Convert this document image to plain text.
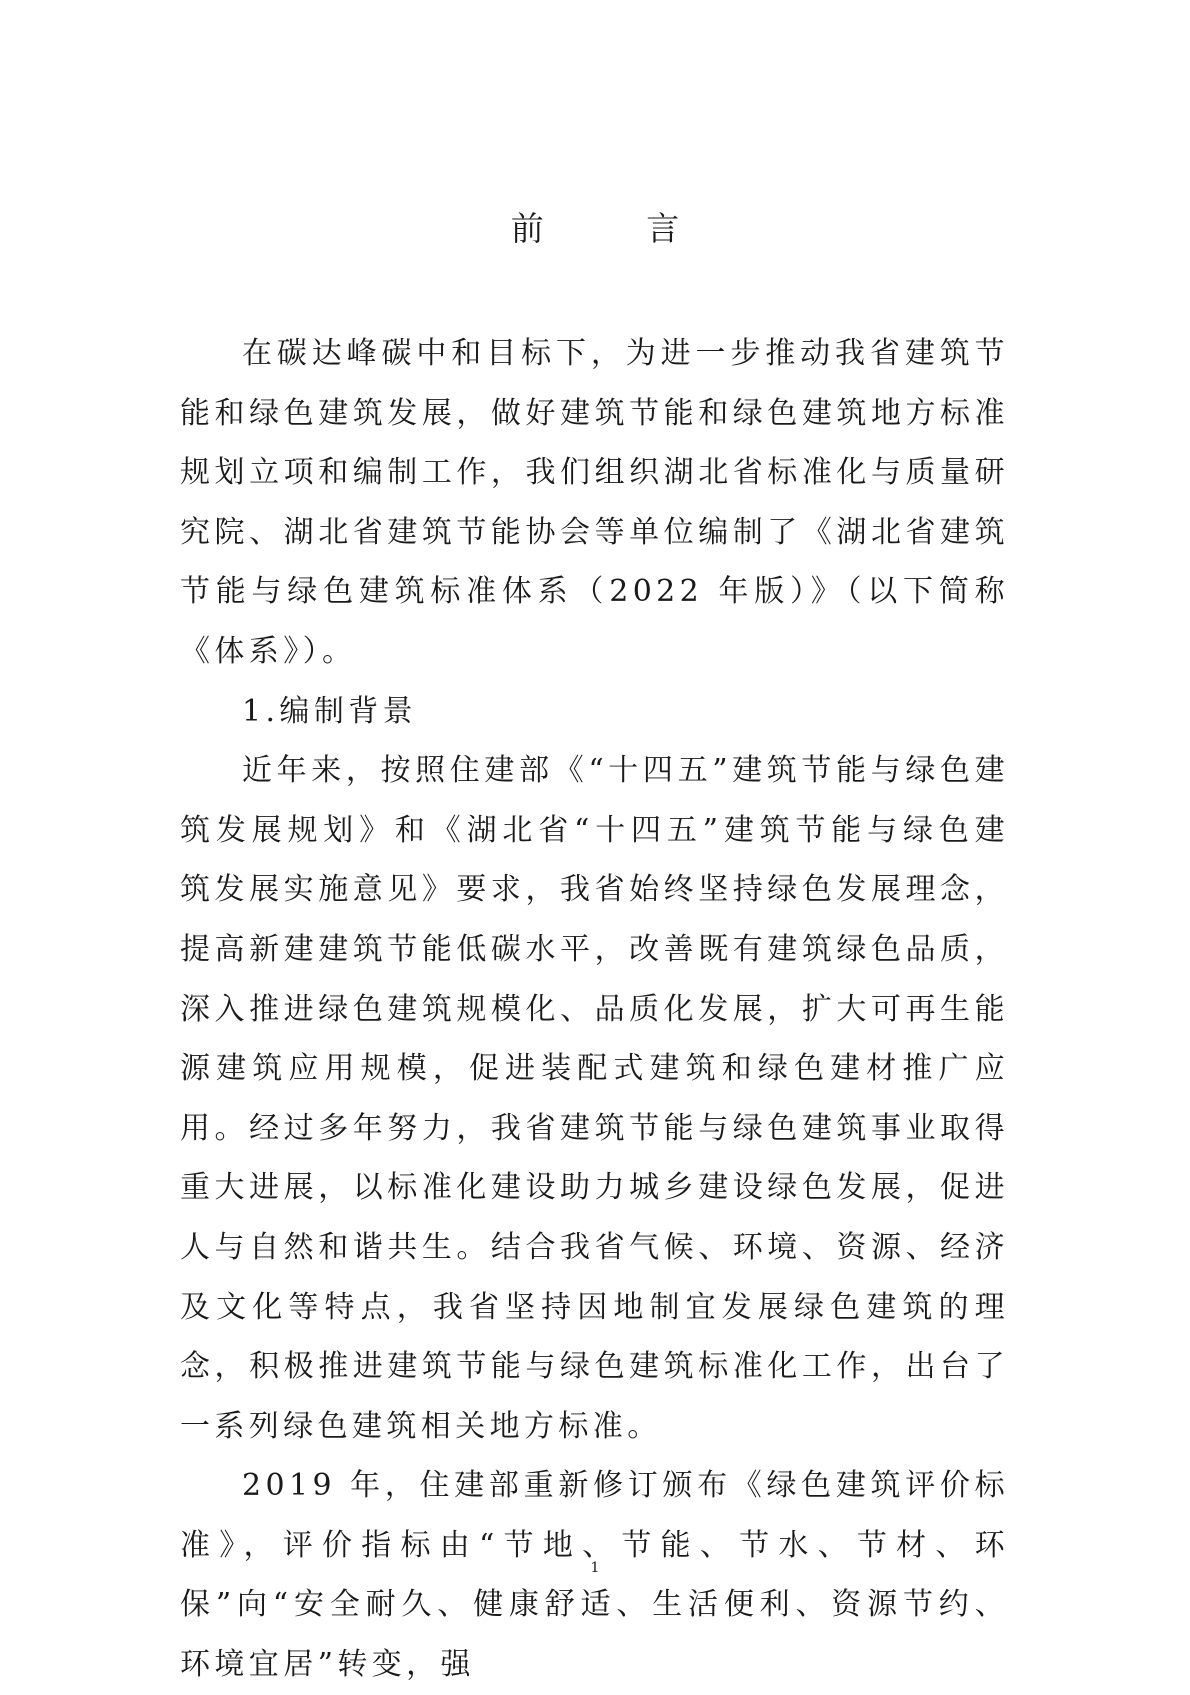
前 言

在碳达峰碳中和目标下，为进一步推动我省建筑节能和绿色建筑发展，做好建筑节能和绿色建筑地方标准规划立项和编制工作，我们组织湖北省标准化与质量研究院、湖北省建筑节能协会等单位编制了《湖北省建筑节能与绿色建筑标准体系（2022 年版）》（以下简称《体系》）。

1.编制背景

近年来，按照住建部《“十四五”建筑节能与绿色建筑发展规划》和《湖北省“十四五”建筑节能与绿色建筑发展实施意见》要求，我省始终坚持绿色发展理念，提高新建建筑节能低碳水平，改善既有建筑绿色品质，深入推进绿色建筑规模化、品质化发展，扩大可再生能源建筑应用规模，促进装配式建筑和绿色建材推广应用。经过多年努力，我省建筑节能与绿色建筑事业取得重大进展，以标准化建设助力城乡建设绿色发展，促进人与自然和谐共生。结合我省气候、环境、资源、经济及文化等特点，我省坚持因地制宜发展绿色建筑的理念，积极推进建筑节能与绿色建筑标准化工作，出台了一系列绿色建筑相关地方标准。

2019 年，住建部重新修订颁布《绿色建筑评价标准》，评价指标由“节地、节能、节水、节材、环保”向“安全耐久、健康舒适、生活便利、资源节约、环境宜居”转变，强

1
